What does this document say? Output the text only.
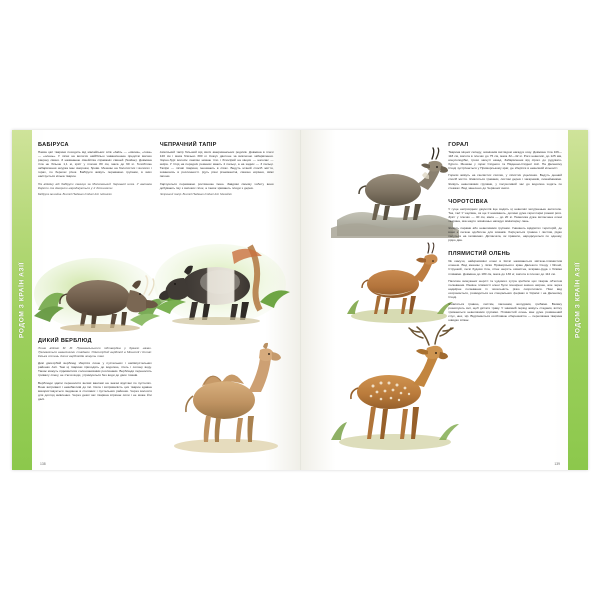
РОДОМ З КРАЇН АЗІЇ
БАБІРУСА

Назва цієї тварини походить від малайських слів «babi» — «свиня», «rusa» — «олень». У лісах на вологих наїйбільш чаваниченню предстаі високо раціону свиня. З назваанню сімейства справжніх свиней (Suidae). Довжина тіла не більше 1,1 м, зріст у плечах 80 см, маса до 90 кг. Голобілою забарвлення шкурка має зморшки, брови. Мешкає на болотистих і вологих і горах, по берегах річок. Бабіруси живуть переважно групами, в яких налічується кілька тварин.

На відміну від бабіруси самиця за Московський Черевної носа. У ватажа Європи та Америки народжується у 2 дітинчати.

Бабіруса звичайна. Вигляд Південно-Східної Азії. Індонезія

ДИКИЙ ВЕРБЛЮД

Лише відомо М. М. Пржевальського підтвердив у бувало назви. Тримаються невеликими стадами. Одногорбий верблюд в Монголії і Китаї. Кілька сотень диких верблюдів живуть там.

Дикі двогорбий верблюд зберігся лише у пустельних і напівпустельних районах Азії. Там ці тварини приходять до водопою, п'ють і солону воду. Також можуть підживитися солончаковими рослинами. Верблюди переносять тривалу спеку, не п'ючи води, утримуються без води до двох тижнів.

Верблюди здатні переносити великі вантажі на значні відстані по пустелях. Вони витривалі і невибагливі до їжі. Сила і витривалість цих тварин здавна використовується людиною в степових і пустельних районах. Через волосся для догляд живлення. Через деякі час тварина втрачає сили і не може йти далі.

ЧЕПРАЧНИЙ ТАПІР

Азіатський тапір більший від своїх американських родичів. Довжина в плечі 120 см і маса близько 300 кг. Кожух двотоне за виключно забарвлення. Чорно-бурі волосіє ламляє нижню тіло і білосірий на кінцях — наголас — шкіра. У Схід на передніх ременях мають 4 пальці, а на задніх — 3 пальці. Тапіри — лісові тварини, мешкають в лісах. Ведуть нічний спосіб життя, ховаючись в рослинності. Ідуть різні різноманітні, смачно коріння, свіжі пагони.

Харчуються переважно рослинною їжею. Завдяки своєму хоботу вони добувають їжу з високих гілок, а також зривають плоди з дерев.

Чепрачний тапір. Вигляд Південно-Східної Азії. Малайзія

138
РОДОМ З КРАЇН АЗІЇ
ГОРАЛ

Тварина міцної складу, зовнішнім виглядом нагадує козу. Довжина тіла 106—118 см, висота в плечах до 75 см, маса 32—42 кг. Роги невеликі, до 125 мм, конусоподібні, трохи загнуті назад. Забарвлення від сірого до рудувато-бурого. Мешкає у горах Східного та Південно-Східної Азії. На Далекому Сході зустрічається у Приморському краї, де зберігся в невеликій кількості.

Горали живуть на скелястих схилах, у лісистих ущелинах. Ведуть денний спосіб життя. Живляться травами, листям дерев і чагарників, лишайниками. Живуть невеликими групами, у посушливий час до водопою ходять по стежках. Вид занесено до Червоної книги.

ЧОРОТСІВКА

У гуще непрохідних джунглів іще водять ці невеликі чепурненьке антилопе. Так, так! У чаусвин, як ще її називають, долини дуже гарні парні рожеві роги. Зріст у плечах — 40 см, маса — до 20 кг. Невелика дуже витончена олені тварина, яка надто зовнішньо нагадує мініатюрну лань.

Живуть парами або невеликими групами. Уникають відкритих територій, де вони є легкою здобиччю для хижаків. Харчуються травою і листям, рідко пасуться на галявинах. Дитинчата, як правило, народжуються по одному, рідко два.

ПЛЯМИСТИЙ ОЛЕНЬ

Як кажучи, найкрасивіші олені в Китаї називаються квіткою-плямистим оленем. Вид мешкає у лісах Приморського краю Далекого Сходу і Японії, Стрункий, легкі будови тіла, літнє шерсть охвистна, яскраво-руда з білими плямами. Довжина до 180 см, маса до 130 кг, висота в плечах до 112 см.

Наличие вишуканої шерсті та чудового хутра зробило цих тварин об'єктом полювання. Раніше плямисті олені були поширені значно ширше, але через надмірне полювання їх чисельність різко скоротилася. Нині вид охороняється, розводиться на спеціальних фермах в Україні і на Далекому Сході.

Живляться травою, листям, пагонами, жолудями, грибами. Взимку розкопують сніг, щоб дістати траву. У зимовий період живуть стадами, влітку тримаються невеликими групами. Плямистий олень має дуже розвинений слух, нюх, зір. Відрізняється особливою обережністю — перелякана тварина швидко втікає.

139
